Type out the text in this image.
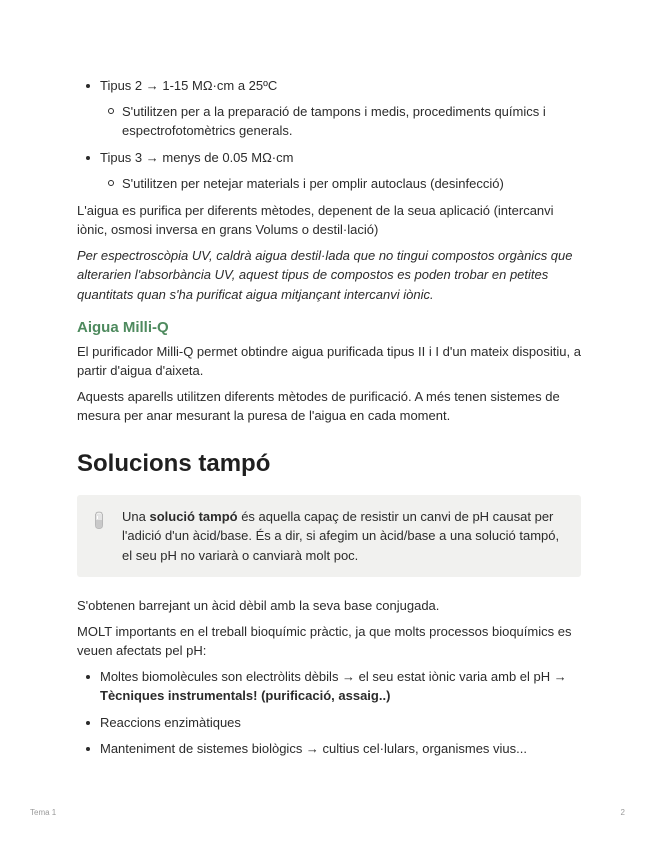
Tipus 2 → 1-15 MΩ·cm a 25ºC
S'utilitzen per a la preparació de tampons i medis, procediments químics i espectrofotomètrics generals.
Tipus 3 → menys de 0.05 MΩ·cm
S'utilitzen per netejar materials i per omplir autoclaus (desinfecció)

L'aigua es purifica per diferents mètodes, depenent de la seua aplicació (intercanvi iònic, osmosi inversa en grans Volums o destil·lació)

Per espectroscòpia UV, caldrà aigua destil·lada que no tingui compostos orgànics que alterarien l'absorbància UV, aquest tipus de compostos es poden trobar en petites quantitats quan s'ha purificat aigua mitjançant intercanvi iònic.

Aigua Milli-Q

El purificador Milli-Q permet obtindre aigua purificada tipus II i I d'un mateix dispositiu, a partir d'aigua d'aixeta.

Aquests aparells utilitzen diferents mètodes de purificació. A més tenen sistemes de mesura per anar mesurant la puresa de l'aigua en cada moment.

Solucions tampó
Una solució tampó és aquella capaç de resistir un canvi de pH causat per l'adició d'un àcid/base. És a dir, si afegim un àcid/base a una solució tampó, el seu pH no variarà o canviarà molt poc.

S'obtenen barrejant un àcid dèbil amb la seva base conjugada.

MOLT importants en el treball bioquímic pràctic, ja que molts processos bioquímics es veuen afectats pel pH:

Moltes biomolècules son electròlits dèbils → el seu estat iònic varia amb el pH → Tècniques instrumentals! (purificació, assaig..)
Reaccions enzimàtiques
Manteniment de sistemes biològics → cultius cel·lulars, organismes vius...
Tema 1	2
